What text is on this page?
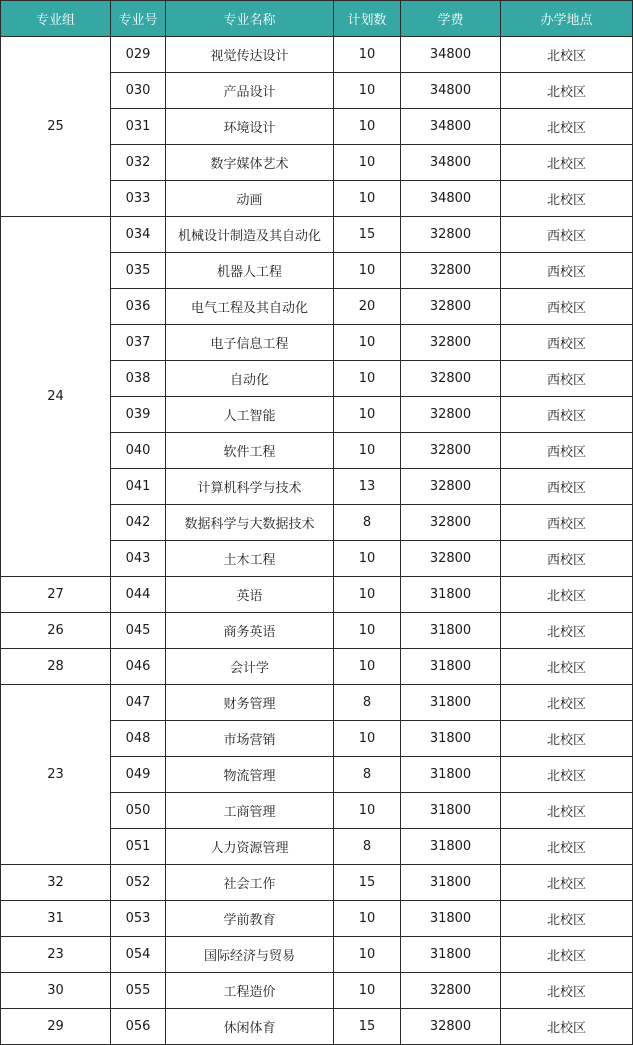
专业组	专业号	专业名称	计划数	学费	办学地点
25	029	视觉传达设计	10	34800	北校区
	030	产品设计	10	34800	北校区
	031	环境设计	10	34800	北校区
	032	数字媒体艺术	10	34800	北校区
	033	动画	10	34800	北校区
24	034	机械设计制造及其自动化	15	32800	西校区
	035	机器人工程	10	32800	西校区
	036	电气工程及其自动化	20	32800	西校区
	037	电子信息工程	10	32800	西校区
	038	自动化	10	32800	西校区
	039	人工智能	10	32800	西校区
	040	软件工程	10	32800	西校区
	041	计算机科学与技术	13	32800	西校区
	042	数据科学与大数据技术	8	32800	西校区
	043	土木工程	10	32800	西校区
27	044	英语	10	31800	北校区
26	045	商务英语	10	31800	北校区
28	046	会计学	10	31800	北校区
23	047	财务管理	8	31800	北校区
	048	市场营销	10	31800	北校区
	049	物流管理	8	31800	北校区
	050	工商管理	10	31800	北校区
	051	人力资源管理	8	31800	北校区
32	052	社会工作	15	31800	北校区
31	053	学前教育	10	31800	北校区
23	054	国际经济与贸易	10	31800	北校区
30	055	工程造价	10	32800	北校区
29	056	休闲体育	15	32800	北校区
